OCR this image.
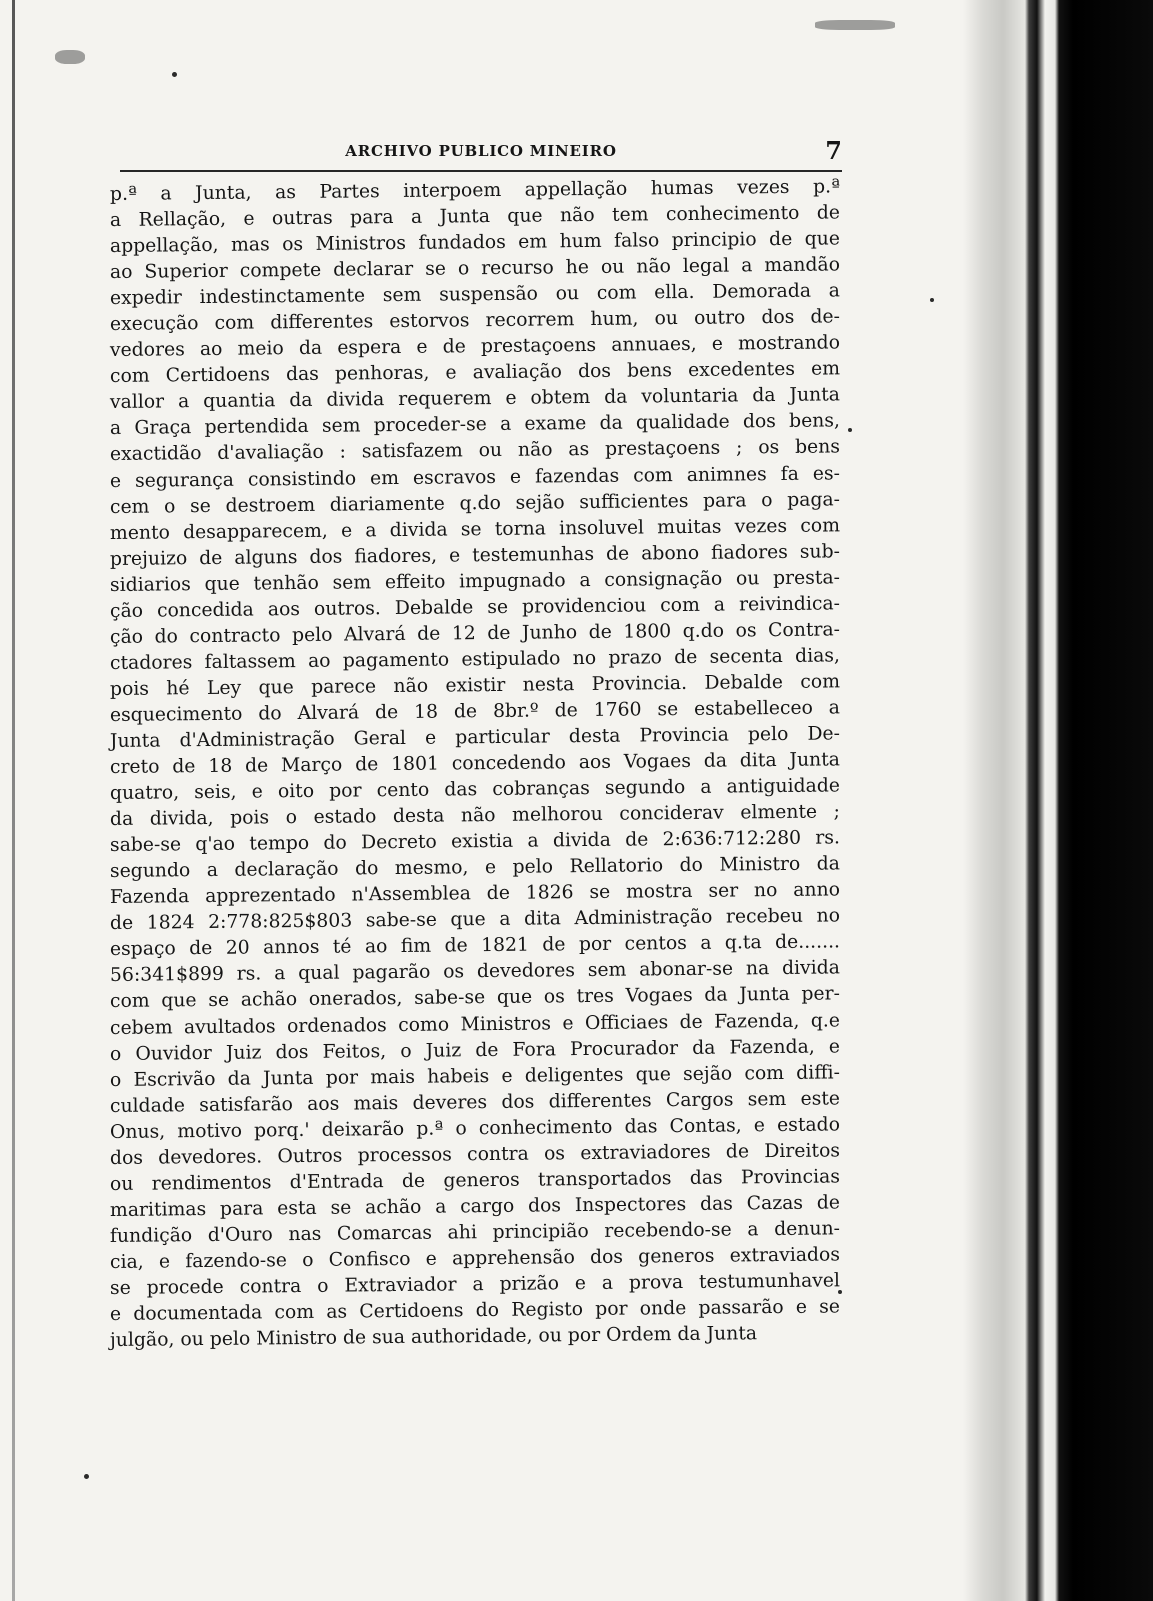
ARCHIVO PUBLICO MINEIRO	7
p.ª a Junta, as Partes interpoem appellação humas vezes p.ª
a Rellação, e outras para a Junta que não tem conhecimento de
appellação, mas os Ministros fundados em hum falso principio de que
ao Superior compete declarar se o recurso he ou não legal a mandão
expedir indestinctamente sem suspensão ou com ella. Demorada a
execução com differentes estorvos recorrem hum, ou outro dos de-
vedores ao meio da espera e de prestaçoens annuaes, e mostrando
com Certidoens das penhoras, e avaliação dos bens excedentes em
vallor a quantia da divida requerem e obtem da voluntaria da Junta
a Graça pertendida sem proceder-se a exame da qualidade dos bens,
exactidão d'avaliação : satisfazem ou não as prestaçoens ; os bens
e segurança consistindo em escravos e fazendas com animnes fa es-
cem o se destroem diariamente q.do sejão sufficientes para o paga-
mento desapparecem, e a divida se torna insoluvel muitas vezes com
prejuizo de alguns dos fiadores, e testemunhas de abono fiadores sub-
sidiarios que tenhão sem effeito impugnado a consignação ou presta-
ção concedida aos outros. Debalde se providenciou com a reivindica-
ção do contracto pelo Alvará de 12 de Junho de 1800 q.do os Contra-
ctadores faltassem ao pagamento estipulado no prazo de secenta dias,
pois hé Ley que parece não existir nesta Provincia. Debalde com
esquecimento do Alvará de 18 de 8br.º de 1760 se estabelleceo a
Junta d'Administração Geral e particular desta Provincia pelo De-
creto de 18 de Março de 1801 concedendo aos Vogaes da dita Junta
quatro, seis, e oito por cento das cobranças segundo a antiguidade
da divida, pois o estado desta não melhorou conciderav elmente ;
sabe-se q'ao tempo do Decreto existia a divida de 2:636:712:280 rs.
segundo a declaração do mesmo, e pelo Rellatorio do Ministro da
Fazenda apprezentado n'Assemblea de 1826 se mostra ser no anno
de 1824 2:778:825$803 sabe-se que a dita Administração recebeu no
espaço de 20 annos té ao fim de 1821 de por centos a q.ta de.......
56:341$899 rs. a qual pagarão os devedores sem abonar-se na divida
com que se achão onerados, sabe-se que os tres Vogaes da Junta per-
cebem avultados ordenados como Ministros e Officiaes de Fazenda, q.e
o Ouvidor Juiz dos Feitos, o Juiz de Fora Procurador da Fazenda, e
o Escrivão da Junta por mais habeis e deligentes que sejão com diffi-
culdade satisfarão aos mais deveres dos differentes Cargos sem este
Onus, motivo porq.' deixarão p.ª o conhecimento das Contas, e estado
dos devedores. Outros processos contra os extraviadores de Direitos
ou rendimentos d'Entrada de generos transportados das Provincias
maritimas para esta se achão a cargo dos Inspectores das Cazas de
fundição d'Ouro nas Comarcas ahi principião recebendo-se a denun-
cia, e fazendo-se o Confisco e apprehensão dos generos extraviados
se procede contra o Extraviador a prizão e a prova testumunhavel
e documentada com as Certidoens do Registo por onde passarão e se
julgão, ou pelo Ministro de sua authoridade, ou por Ordem da Junta
